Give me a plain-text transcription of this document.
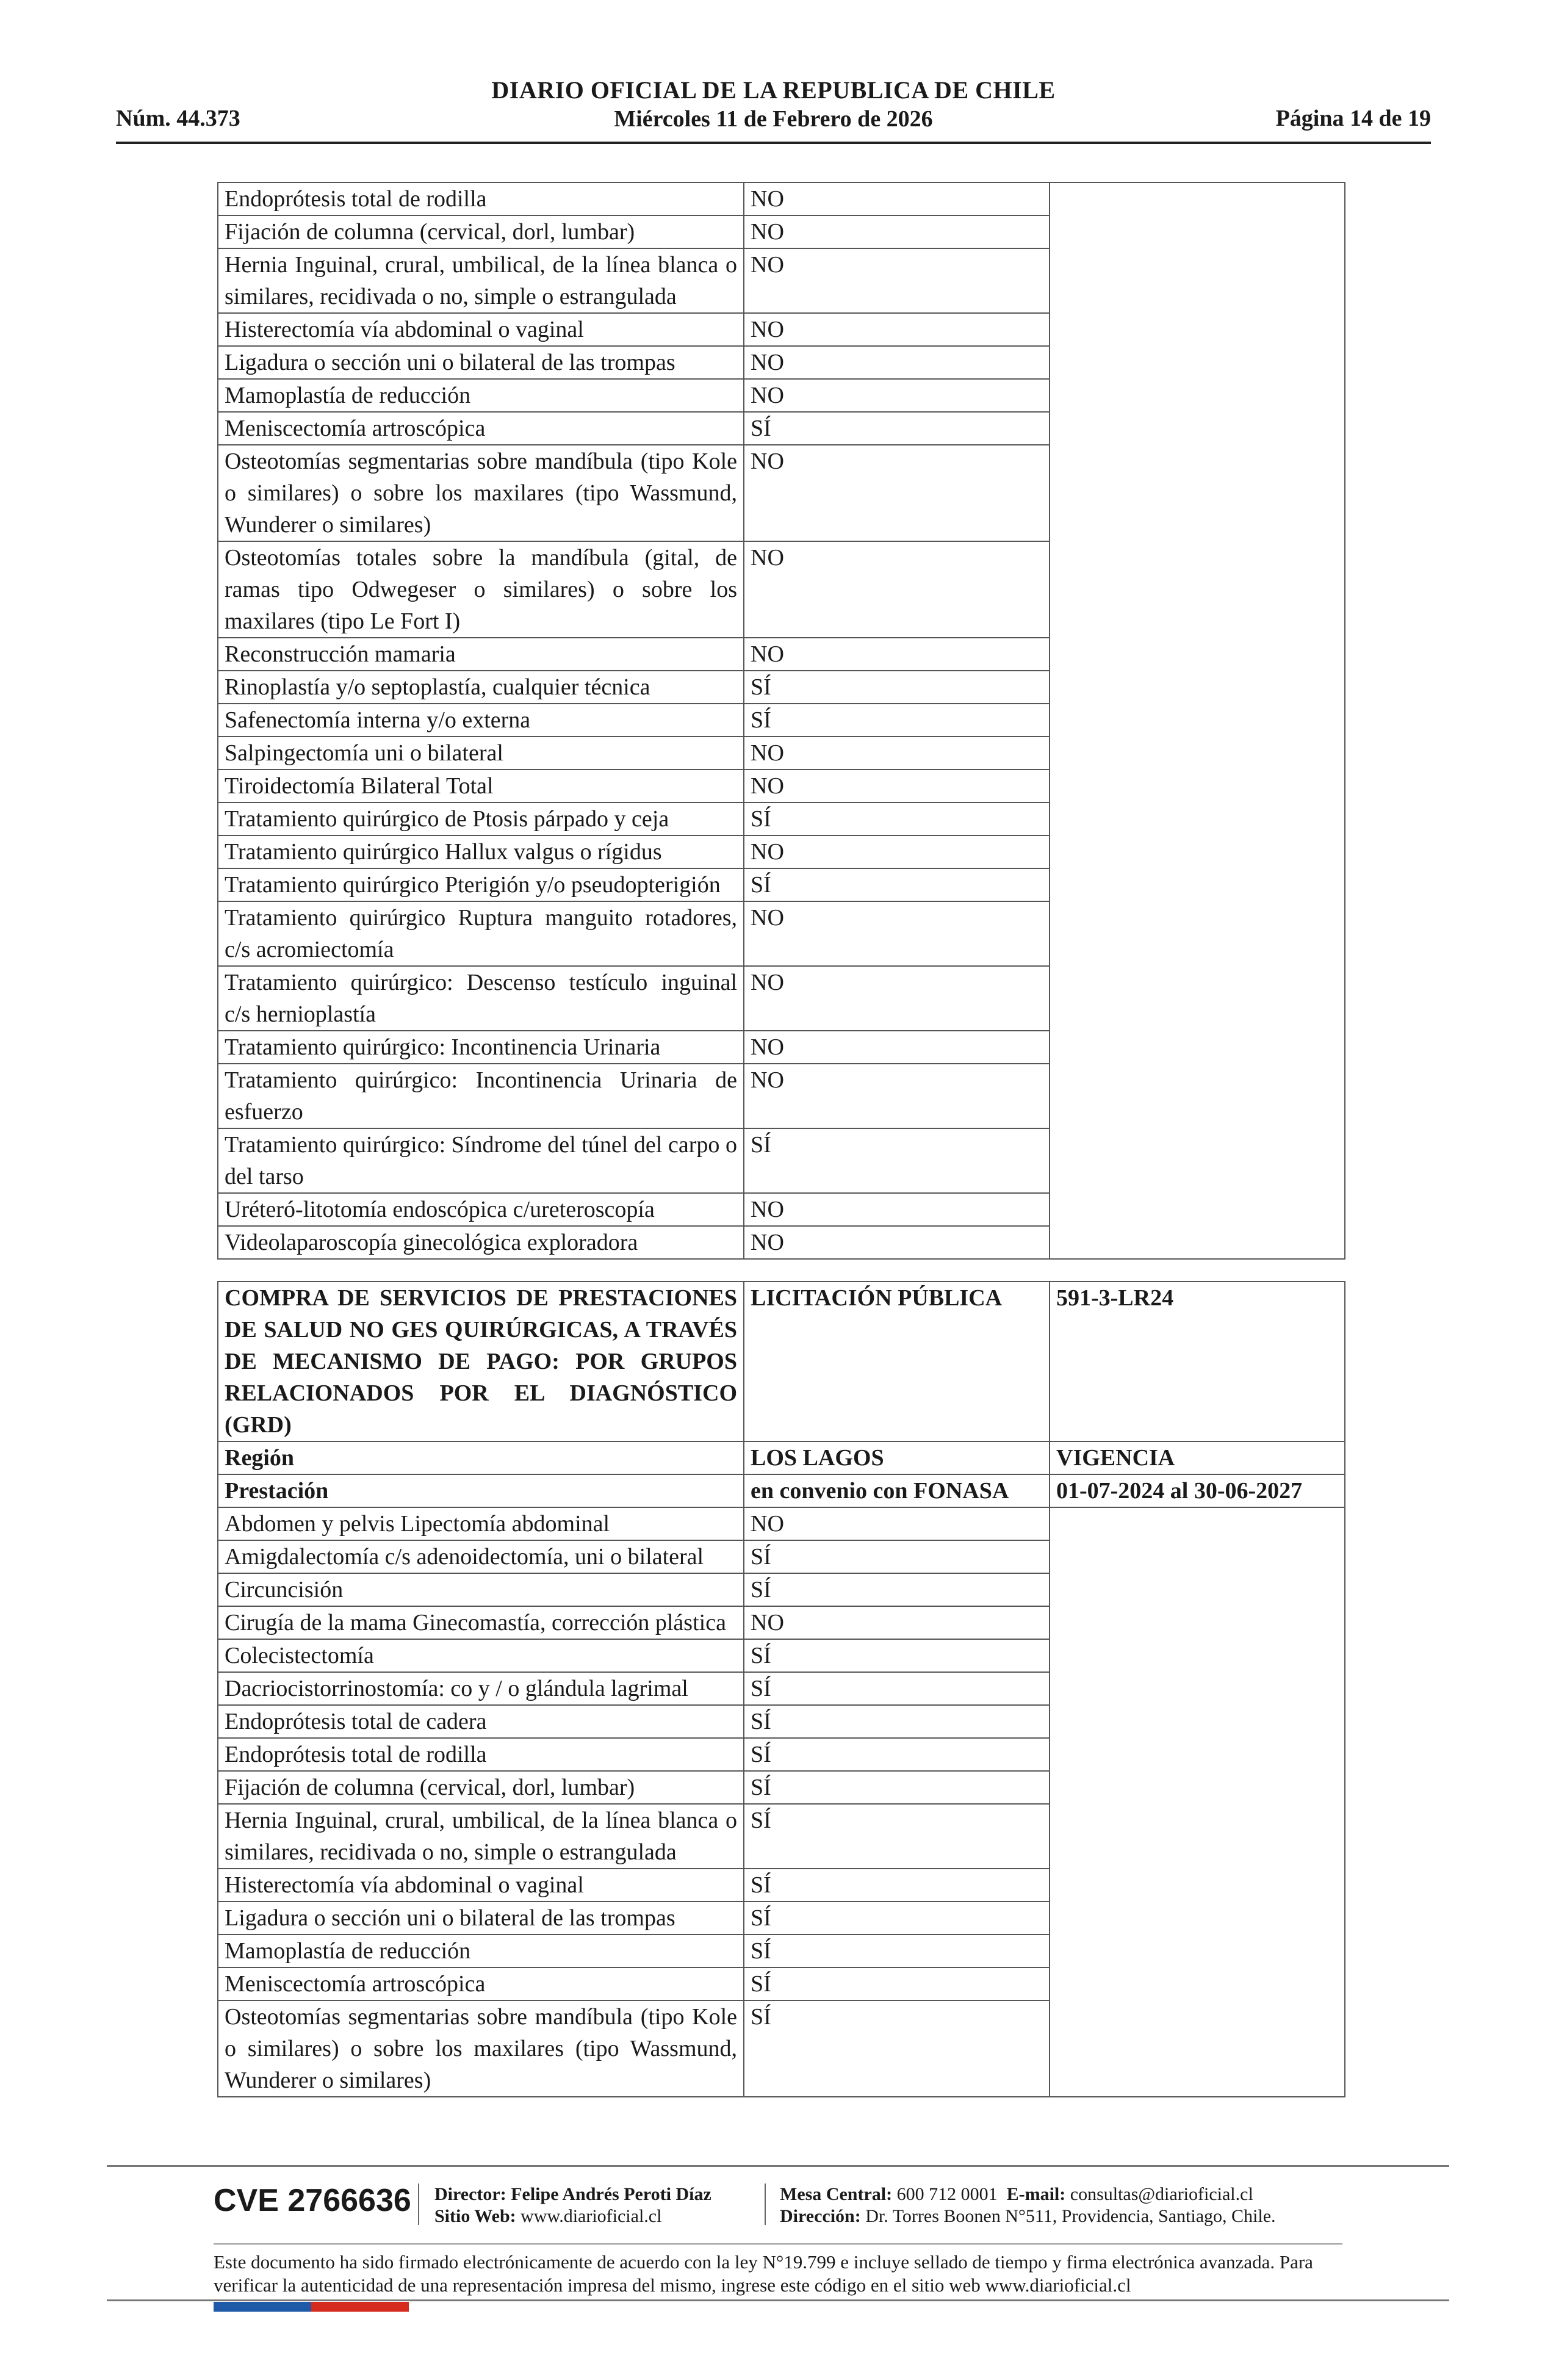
Núm. 44.373
DIARIO OFICIAL DE LA REPUBLICA DE CHILE
Miércoles 11 de Febrero de 2026	Página 14 de 19
Endoprótesis total de rodilla	NO	
Fijación de columna (cervical, dorl, lumbar)	NO	
Hernia Inguinal, crural, umbilical, de la línea blanca o similares, recidivada o no, simple o estrangulada	NO	
Histerectomía vía abdominal o vaginal	NO	
Ligadura o sección uni o bilateral de las trompas	NO	
Mamoplastía de reducción	NO	
Meniscectomía artroscópica	SÍ	
Osteotomías segmentarias sobre mandíbula (tipo Kole o similares) o sobre los maxilares (tipo Wassmund, Wunderer o similares)	NO	
Osteotomías totales sobre la mandíbula (gital, de ramas tipo Odwegeser o similares) o sobre los maxilares (tipo Le Fort I)	NO	
Reconstrucción mamaria	NO	
Rinoplastía y/o septoplastía, cualquier técnica	SÍ	
Safenectomía interna y/o externa	SÍ	
Salpingectomía uni o bilateral	NO	
Tiroidectomía Bilateral Total	NO	
Tratamiento quirúrgico de Ptosis párpado y ceja	SÍ	
Tratamiento quirúrgico Hallux valgus o rígidus	NO	
Tratamiento quirúrgico Pterigión y/o pseudopterigión	SÍ	
Tratamiento quirúrgico Ruptura manguito rotadores, c/s acromiectomía	NO	
Tratamiento quirúrgico: Descenso testículo inguinal c/s hernioplastía	NO	
Tratamiento quirúrgico: Incontinencia Urinaria	NO	
Tratamiento quirúrgico: Incontinencia Urinaria de esfuerzo	NO	
Tratamiento quirúrgico: Síndrome del túnel del carpo o del tarso	SÍ	
Uréteró-litotomía endoscópica c/ureteroscopía	NO	
Videolaparoscopía ginecológica exploradora	NO	
COMPRA DE SERVICIOS DE PRESTACIONES DE SALUD NO GES QUIRÚRGICAS, A TRAVÉS DE MECANISMO DE PAGO: POR GRUPOS RELACIONADOS POR EL DIAGNÓSTICO (GRD)	LICITACIÓN PÚBLICA	591-3-LR24
Región	LOS LAGOS	VIGENCIA
Prestación	en convenio con FONASA	01-07-2024 al 30-06-2027
Abdomen y pelvis Lipectomía abdominal	NO	
Amigdalectomía c/s adenoidectomía, uni o bilateral	SÍ	
Circuncisión	SÍ	
Cirugía de la mama Ginecomastía, corrección plástica	NO	
Colecistectomía	SÍ	
Dacriocistorrinostomía: co y / o glándula lagrimal	SÍ	
Endoprótesis total de cadera	SÍ	
Endoprótesis total de rodilla	SÍ	
Fijación de columna (cervical, dorl, lumbar)	SÍ	
Hernia Inguinal, crural, umbilical, de la línea blanca o similares, recidivada o no, simple o estrangulada	SÍ	
Histerectomía vía abdominal o vaginal	SÍ	
Ligadura o sección uni o bilateral de las trompas	SÍ	
Mamoplastía de reducción	SÍ	
Meniscectomía artroscópica	SÍ	
Osteotomías segmentarias sobre mandíbula (tipo Kole o similares) o sobre los maxilares (tipo Wassmund, Wunderer o similares)	SÍ	
CVE 2766636 Director: Felipe Andrés Peroti Díaz
Sitio Web: www.diarioficial.cl
Mesa Central: 600 712 0001 E-mail: consultas@diarioficial.cl
Dirección: Dr. Torres Boonen N°511, Providencia, Santiago, Chile.
Este documento ha sido firmado electrónicamente de acuerdo con la ley N°19.799 e incluye sellado de tiempo y firma electrónica avanzada. Para verificar la autenticidad de una representación impresa del mismo, ingrese este código en el sitio web www.diarioficial.cl
